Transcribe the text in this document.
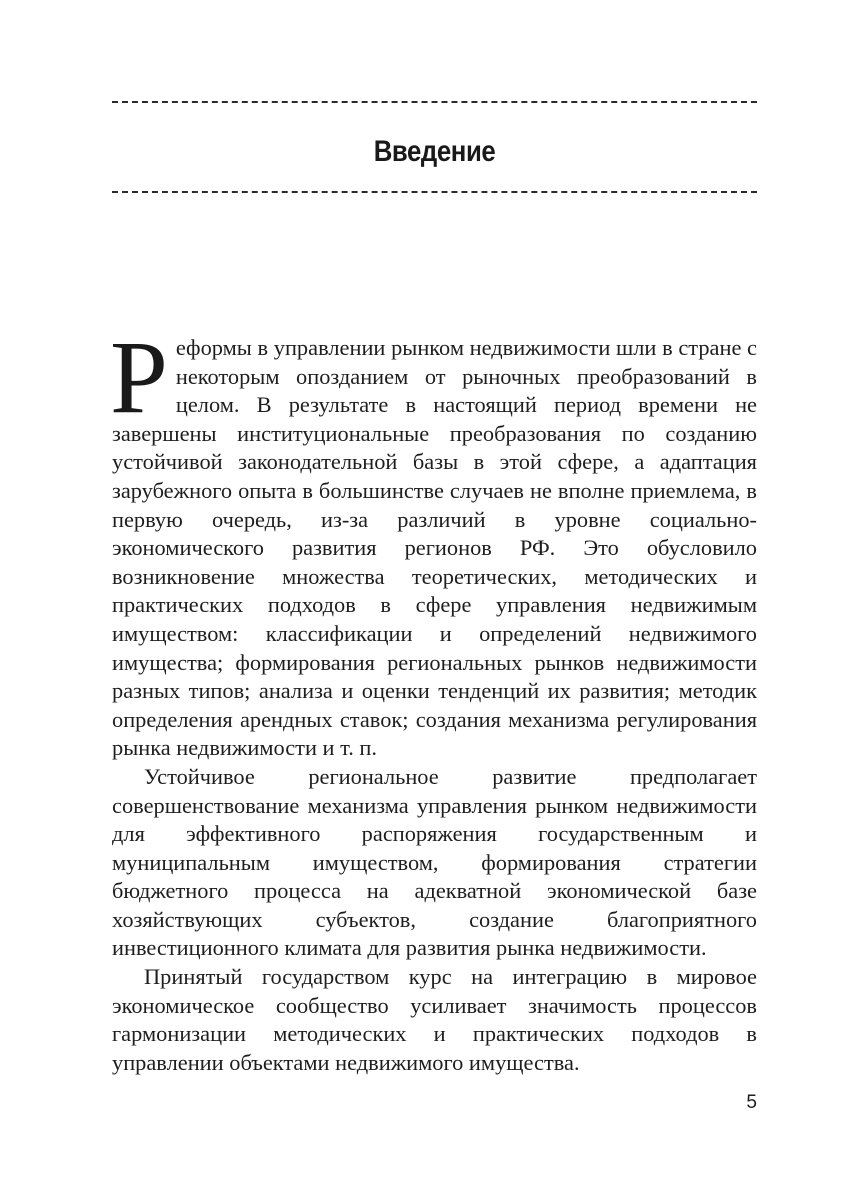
Введение

Реформы в управлении рынком недвижимости шли в стране с некоторым опозданием от рыночных преобразований в целом. В результате в настоящий период времени не завершены институциональные преобразования по созданию устойчивой законодательной базы в этой сфере, а адаптация зарубежного опыта в большинстве случаев не вполне приемлема, в первую очередь, из-за различий в уровне социально-экономического развития регионов РФ. Это обусловило возникновение множества теоретических, методических и практических подходов в сфере управления недвижимым имуществом: классификации и определений недвижимого имущества; формирования региональных рынков недвижимости разных типов; анализа и оценки тенденций их развития; методик определения арендных ставок; создания механизма регулирования рынка недвижимости и т. п.

Устойчивое региональное развитие предполагает совершенствование механизма управления рынком недвижимости для эффективного распоряжения государственным и муниципальным имуществом, формирования стратегии бюджетного процесса на адекватной экономической базе хозяйствующих субъектов, создание благоприятного инвестиционного климата для развития рынка недвижимости.

Принятый государством курс на интеграцию в мировое экономическое сообщество усиливает значимость процессов гармонизации методических и практических подходов в управлении объектами недвижимого имущества.

5
